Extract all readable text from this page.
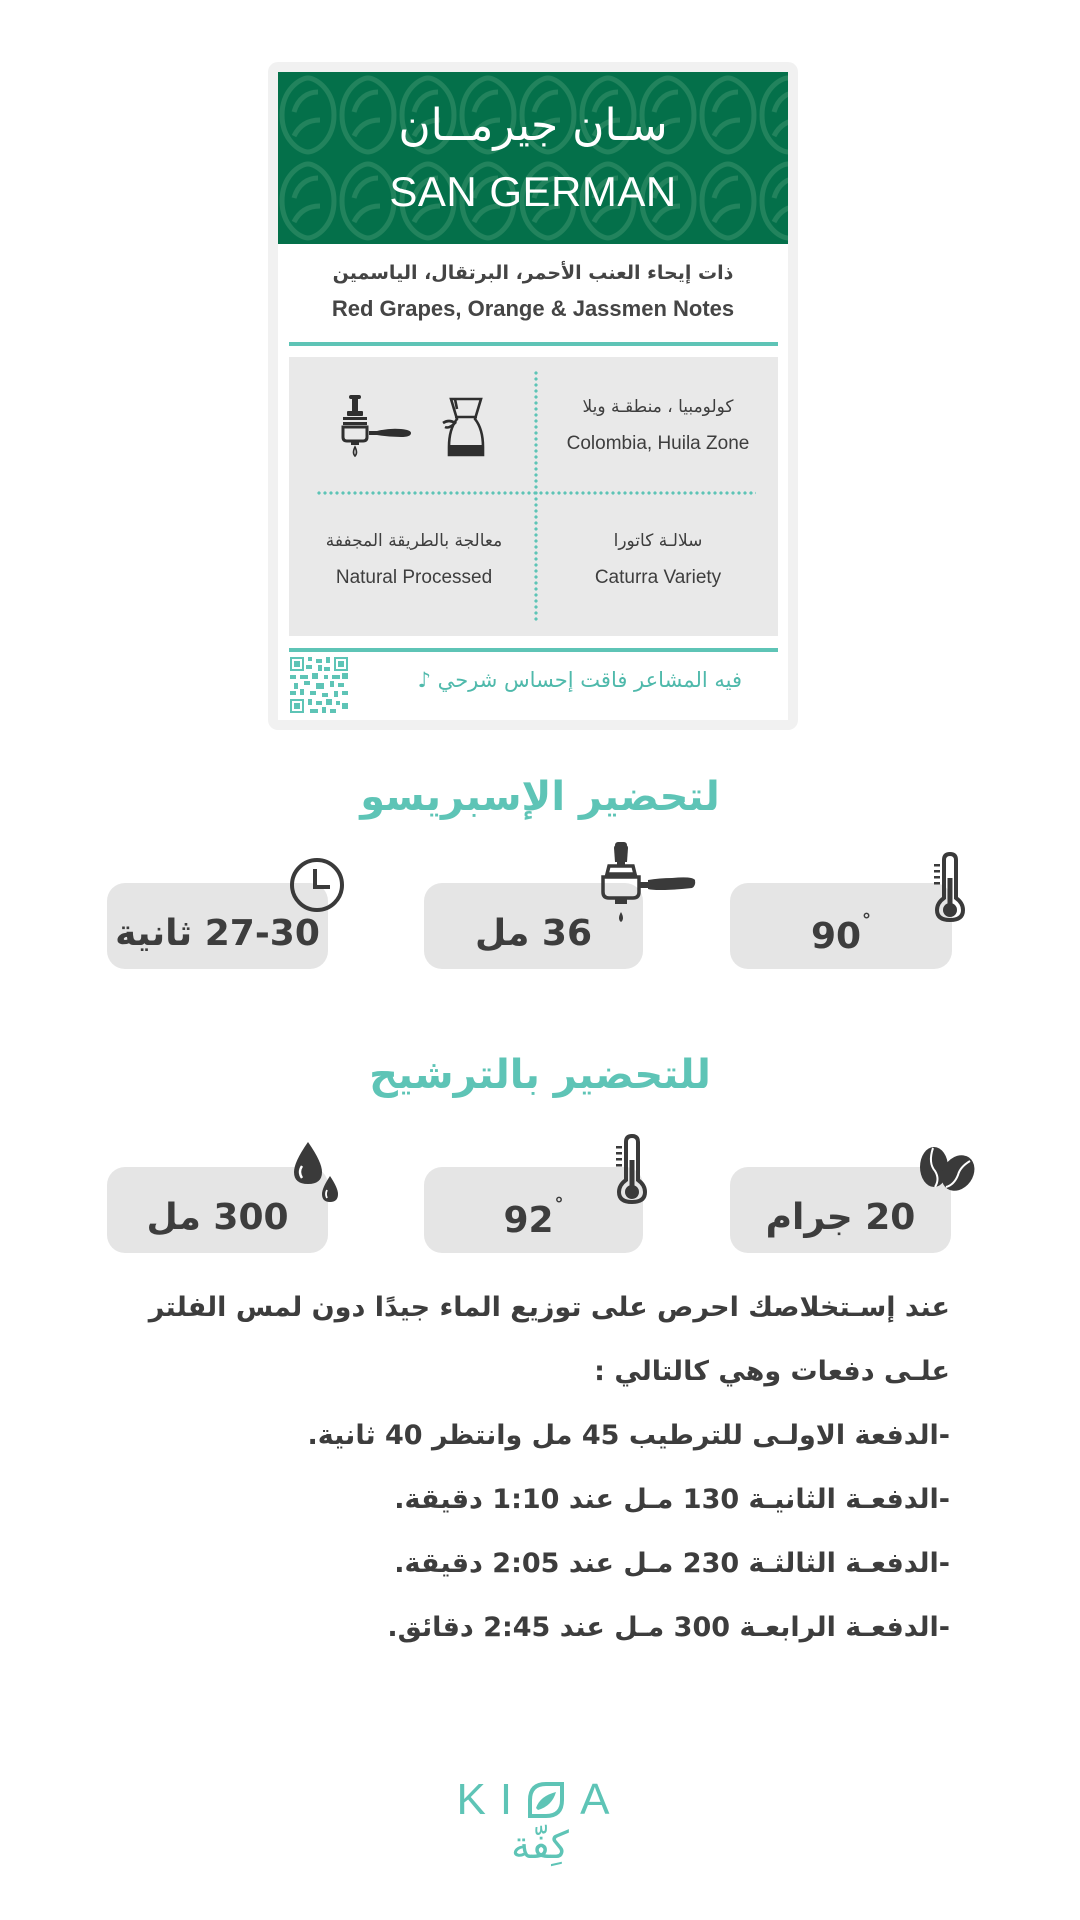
سـان جيرمــان
SAN GERMAN
ذات إيحاء العنب الأحمر، البرتقال، الياسمين
Red Grapes, Orange & Jassmen Notes
كولومبيا ، منطقـة ويلا
Colombia, Huila Zone
سلالـة كاتورا
Caturra Variety
معالجة بالطريقة المجففة
Natural Processed
فيه المشاعر فاقت إحساس شرحي ♪
لتحضير الإسبريسو
90°
36 مل
27-30 ثانية
للتحضير بالترشيح
20 جرام
92°
300 مل
عند إسـتخلاصك احرص على توزيع الماء جيدًا دون لمس الفلتر
علـى دفعات وهي كالتالي :
-الدفعة الاولـى للترطيب 45 مل وانتظر 40 ثانية.
-الدفعـة الثانيـة 130 مـل عند 1:10 دقيقة.
-الدفعـة الثالثـة 230 مـل عند 2:05 دقيقة.
-الدفعـة الرابعـة 300 مـل عند 2:45 دقائق.
KI A
كِفّة
